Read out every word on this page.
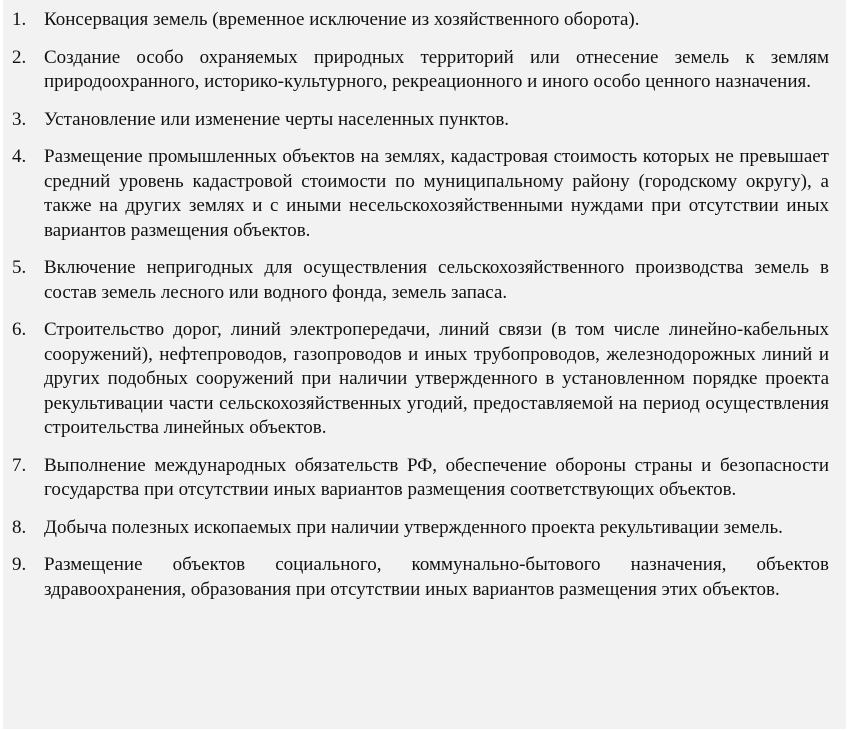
1. Консервация земель (временное исключение из хозяйственного оборота).
2. Создание особо охраняемых природных территорий или отнесение земель к землям природоохранного, историко-культурного, рекреационного и иного особо ценного назначения.
3. Установление или изменение черты населенных пунктов.
4. Размещение промышленных объектов на землях, кадастровая стоимость которых не превышает средний уровень кадастровой стоимости по муниципальному району (городскому округу), а также на других землях и с иными несельскохозяйственными нуждами при отсутствии иных вариантов размещения объектов.
5. Включение непригодных для осуществления сельскохозяйственного производства земель в состав земель лесного или водного фонда, земель запаса.
6. Строительство дорог, линий электропередачи, линий связи (в том числе линейно-кабельных сооружений), нефтепроводов, газопроводов и иных трубопроводов, железнодорожных линий и других подобных сооружений при наличии утвержденного в установленном порядке проекта рекультивации части сельскохозяйственных угодий, предоставляемой на период осуществления строительства линейных объектов.
7. Выполнение международных обязательств РФ, обеспечение обороны страны и безопасности государства при отсутствии иных вариантов размещения соответствующих объектов.
8. Добыча полезных ископаемых при наличии утвержденного проекта рекультивации земель.
9. Размещение объектов социального, коммунально-бытового назначения, объектов здравоохранения, образования при отсутствии иных вариантов размещения этих объектов.
